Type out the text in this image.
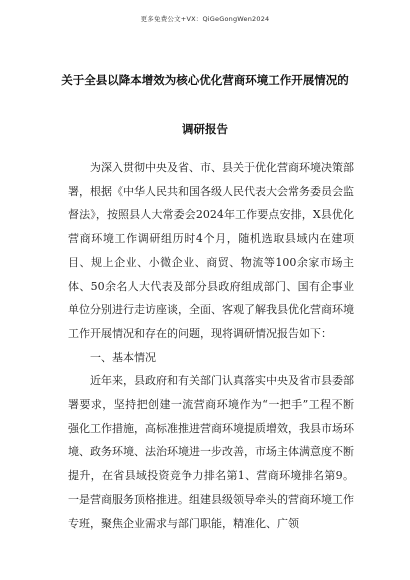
更多免费公文+VX：QiGeGongWen2024
关于全县以降本增效为核心优化营商环境工作开展情况的
调研报告

为深入贯彻中央及省、市、县关于优化营商环境决策部署，根据《中华人民共和国各级人民代表大会常务委员会监督法》，按照县人大常委会2024年工作要点安排，X县优化营商环境工作调研组历时4个月，随机选取县域内在建项目、规上企业、小微企业、商贸、物流等100余家市场主体、50余名人大代表及部分县政府组成部门、国有企事业单位分别进行走访座谈，全面、客观了解我县优化营商环境工作开展情况和存在的问题，现将调研情况报告如下：

一、基本情况

近年来，县政府和有关部门认真落实中央及省市县委部署要求，坚持把创建一流营商环境作为“一把手”工程不断强化工作措施，高标准推进营商环境提质增效，我县市场环境、政务环境、法治环境进一步改善，市场主体满意度不断提升，在省县域投资竞争力排名第1、营商环境排名第9。一是营商服务顶格推进。组建县级领导牵头的营商环境工作专班，聚焦企业需求与部门职能，精准化、广领
